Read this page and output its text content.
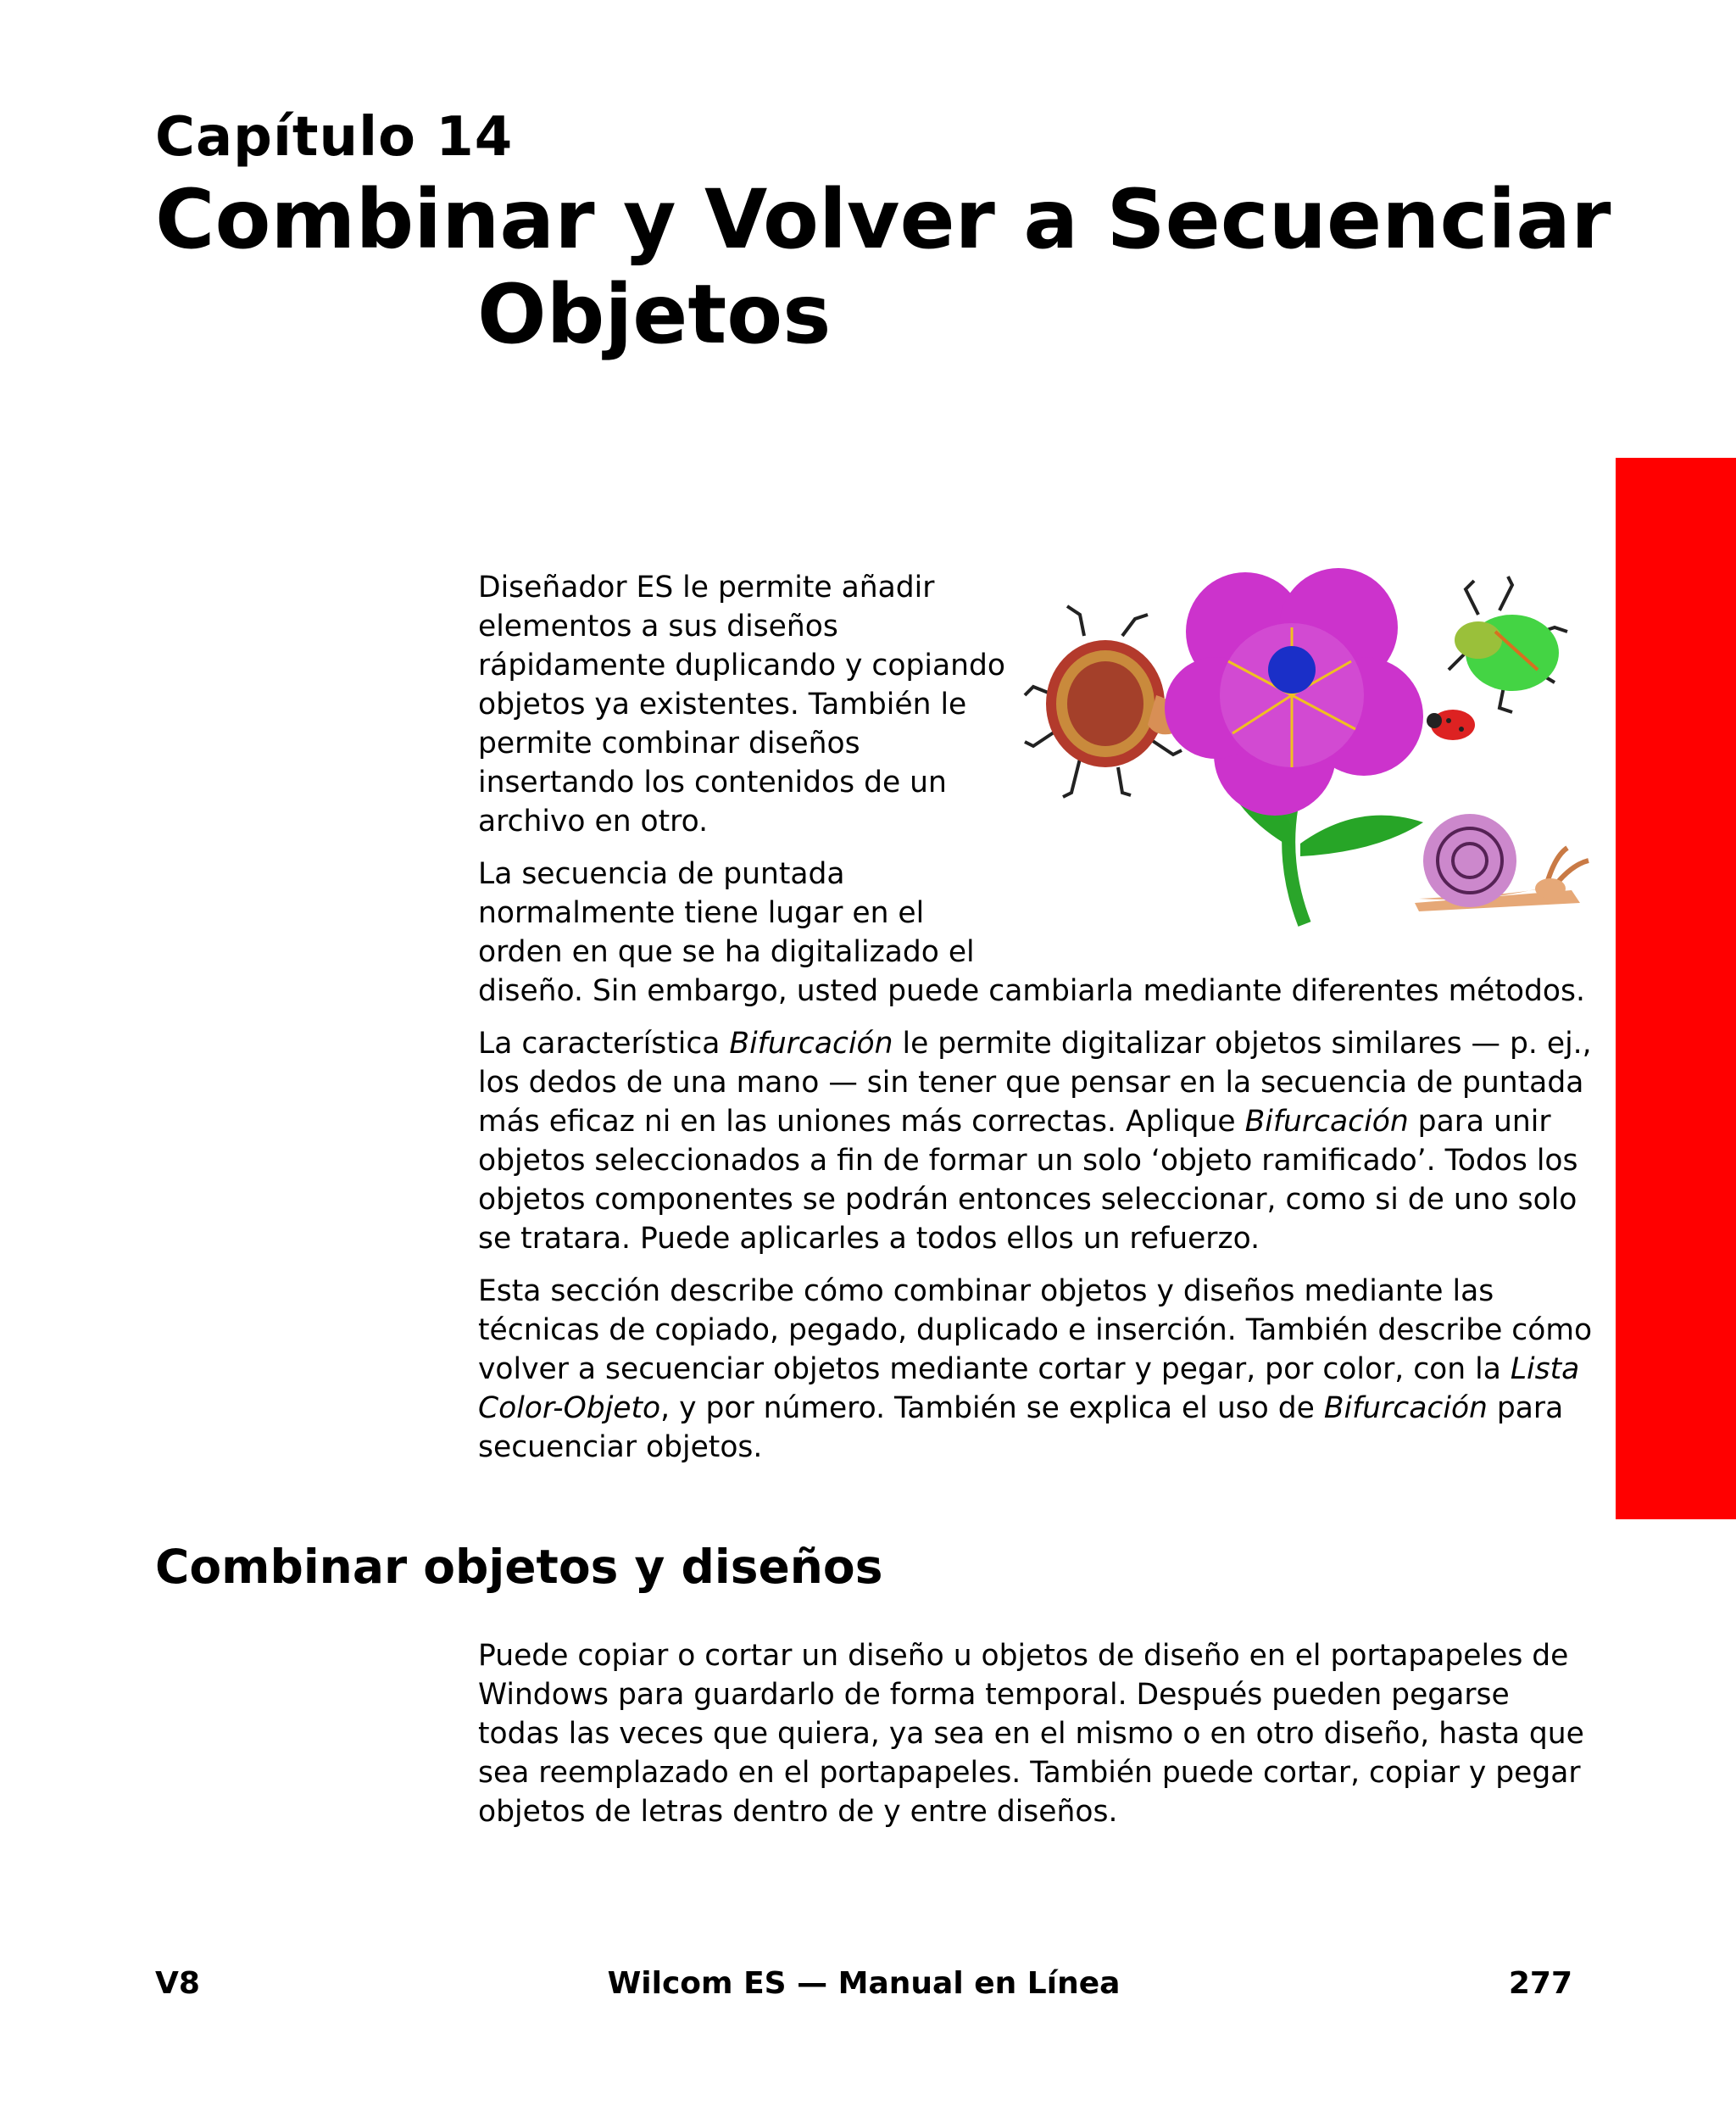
Capítulo 14
Combinar y Volver a Secuenciar
Objetos

Diseñador ES le permite añadir elementos a sus diseños rápidamente duplicando y copiando objetos ya existentes. También le permite combinar diseños insertando los contenidos de un archivo en otro.

La secuencia de puntada normalmente tiene lugar en el orden en que se ha digitalizado el diseño. Sin embargo, usted puede cambiarla mediante diferentes métodos.

La característica Bifurcación le permite digitalizar objetos similares — p. ej., los dedos de una mano — sin tener que pensar en la secuencia de puntada más eficaz ni en las uniones más correctas. Aplique Bifurcación para unir objetos seleccionados a fin de formar un solo ‘objeto ramificado’. Todos los objetos componentes se podrán entonces seleccionar, como si de uno solo se tratara. Puede aplicarles a todos ellos un refuerzo.

Esta sección describe cómo combinar objetos y diseños mediante las técnicas de copiado, pegado, duplicado e inserción. También describe cómo volver a secuenciar objetos mediante cortar y pegar, por color, con la Lista Color-Objeto, y por número. También se explica el uso de Bifurcación para secuenciar objetos.

Combinar objetos y diseños

Puede copiar o cortar un diseño u objetos de diseño en el portapapeles de Windows para guardarlo de forma temporal. Después pueden pegarse todas las veces que quiera, ya sea en el mismo o en otro diseño, hasta que sea reemplazado en el portapapeles. También puede cortar, copiar y pegar objetos de letras dentro de y entre diseños.

V8	Wilcom ES — Manual en Línea	277
